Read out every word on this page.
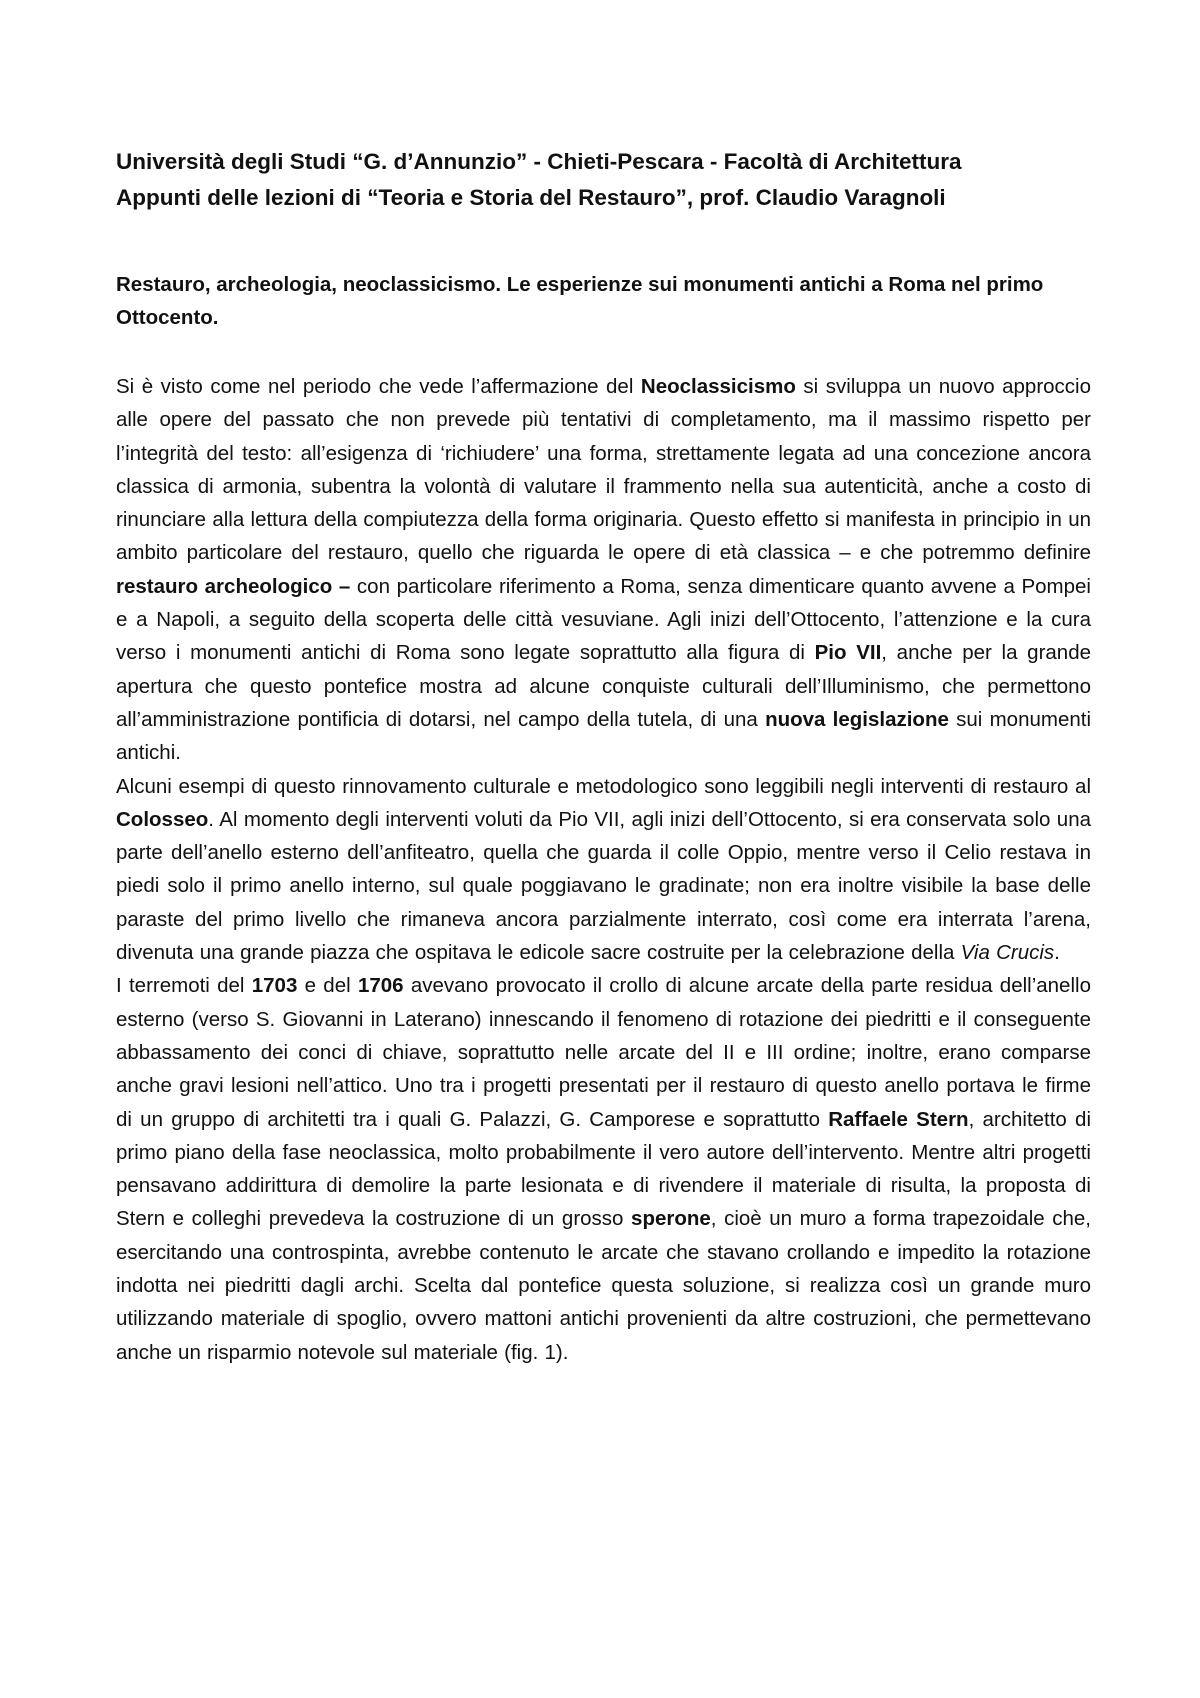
Università degli Studi “G. d’Annunzio” - Chieti-Pescara - Facoltà di Architettura
Appunti delle lezioni di “Teoria e Storia del Restauro”, prof. Claudio Varagnoli
Restauro, archeologia, neoclassicismo. Le esperienze sui monumenti antichi a Roma nel primo Ottocento.

Si è visto come nel periodo che vede l’affermazione del Neoclassicismo si sviluppa un nuovo approccio alle opere del passato che non prevede più tentativi di completamento, ma il massimo rispetto per l’integrità del testo: all’esigenza di ‘richiudere’ una forma, strettamente legata ad una concezione ancora classica di armonia, subentra la volontà di valutare il frammento nella sua autenticità, anche a costo di rinunciare alla lettura della compiutezza della forma originaria. Questo effetto si manifesta in principio in un ambito particolare del restauro, quello che riguarda le opere di età classica – e che potremmo definire restauro archeologico – con particolare riferimento a Roma, senza dimenticare quanto avvene a Pompei e a Napoli, a seguito della scoperta delle città vesuviane. Agli inizi dell’Ottocento, l’attenzione e la cura verso i monumenti antichi di Roma sono legate soprattutto alla figura di Pio VII, anche per la grande apertura che questo pontefice mostra ad alcune conquiste culturali dell’Illuminismo, che permettono all’amministrazione pontificia di dotarsi, nel campo della tutela, di una nuova legislazione sui monumenti antichi.

Alcuni esempi di questo rinnovamento culturale e metodologico sono leggibili negli interventi di restauro al Colosseo. Al momento degli interventi voluti da Pio VII, agli inizi dell’Ottocento, si era conservata solo una parte dell’anello esterno dell’anfiteatro, quella che guarda il colle Oppio, mentre verso il Celio restava in piedi solo il primo anello interno, sul quale poggiavano le gradinate; non era inoltre visibile la base delle paraste del primo livello che rimaneva ancora parzialmente interrato, così come era interrata l’arena, divenuta una grande piazza che ospitava le edicole sacre costruite per la celebrazione della Via Crucis.

I terremoti del 1703 e del 1706 avevano provocato il crollo di alcune arcate della parte residua dell’anello esterno (verso S. Giovanni in Laterano) innescando il fenomeno di rotazione dei piedritti e il conseguente abbassamento dei conci di chiave, soprattutto nelle arcate del II e III ordine; inoltre, erano comparse anche gravi lesioni nell’attico. Uno tra i progetti presentati per il restauro di questo anello portava le firme di un gruppo di architetti tra i quali G. Palazzi, G. Camporese e soprattutto Raffaele Stern, architetto di primo piano della fase neoclassica, molto probabilmente il vero autore dell’intervento. Mentre altri progetti pensavano addirittura di demolire la parte lesionata e di rivendere il materiale di risulta, la proposta di Stern e colleghi prevedeva la costruzione di un grosso sperone, cioè un muro a forma trapezoidale che, esercitando una controspinta, avrebbe contenuto le arcate che stavano crollando e impedito la rotazione indotta nei piedritti dagli archi. Scelta dal pontefice questa soluzione, si realizza così un grande muro utilizzando materiale di spoglio, ovvero mattoni antichi provenienti da altre costruzioni, che permettevano anche un risparmio notevole sul materiale (fig. 1).
